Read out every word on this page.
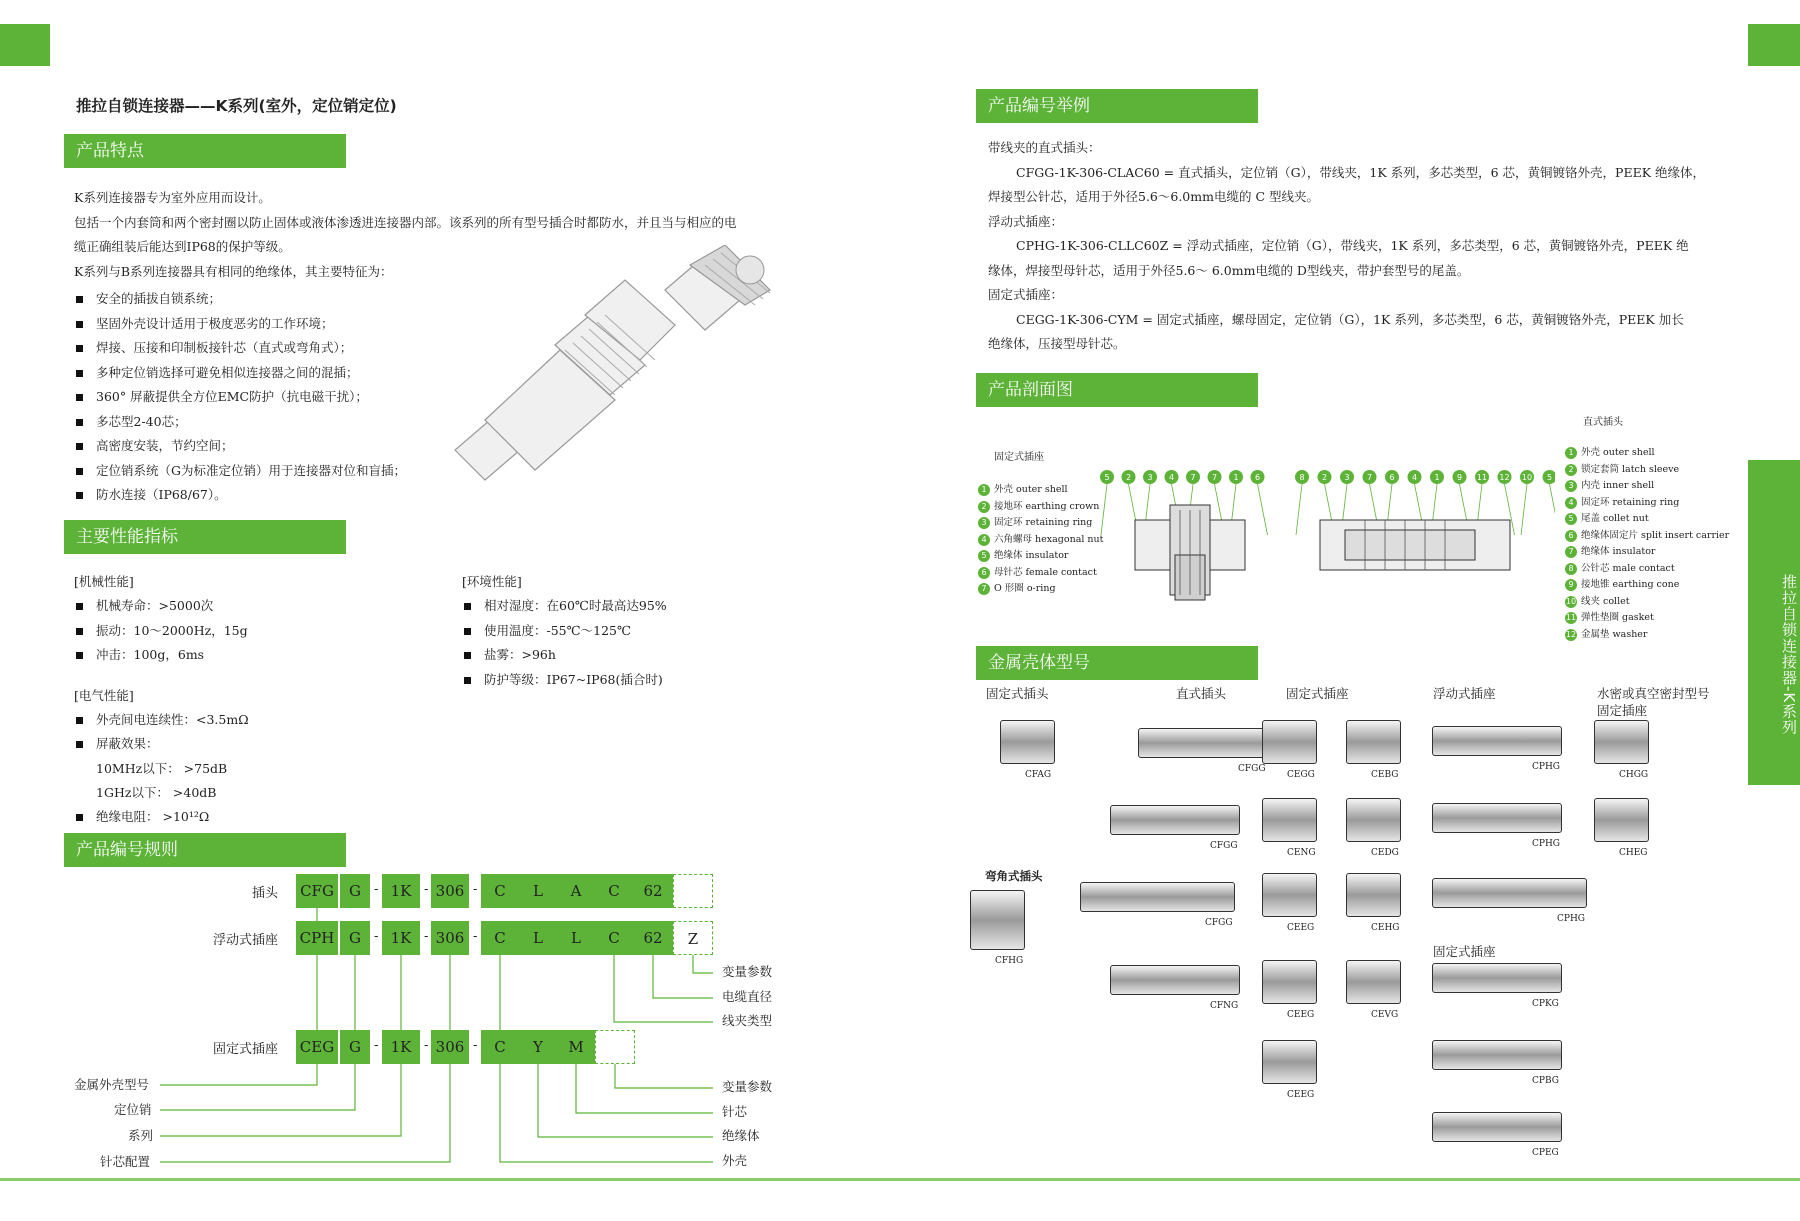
推拉自锁连接器——K系列(室外，定位销定位)
产品特点
K系列连接器专为室外应用而设计。
包括一个内套筒和两个密封圈以防止固体或液体渗透进连接器内部。该系列的所有型号插合时都防水，并且当与相应的电
缆正确组装后能达到IP68的保护等级。
K系列与B系列连接器具有相同的绝缘体，其主要特征为：
安全的插拔自锁系统；
坚固外壳设计适用于极度恶劣的工作环境；
焊接、压接和印制板接针芯（直式或弯角式）；
多种定位销选择可避免相似连接器之间的混插；
360° 屏蔽提供全方位EMC防护（抗电磁干扰）；
多芯型2-40芯；
高密度安装，节约空间；
定位销系统（G为标准定位销）用于连接器对位和盲插；
防水连接（IP68/67）。
主要性能指标
[机械性能]
机械寿命：>5000次
振动：10～2000Hz，15g
冲击：100g，6ms
[电气性能]
外壳间电连续性：<3.5mΩ
屏蔽效果：
10MHz以下： >75dB
1GHz以下： >40dB
绝缘电阻： >10¹²Ω
[环境性能]
相对湿度：在60℃时最高达95%
使用温度：-55℃～125℃
盐雾：>96h
防护等级：IP67~IP68(插合时)
产品编号规则
插头
浮动式插座
固定式插座
CFG	G	- 1K - 306 -	C	L	A	C	62
CPH G	- 1K - 306 -	C	L	L	C	62	Z
CEG G	- 1K - 306 -	C	Y	M
变量参数
电缆直径
线夹类型
变量参数
针芯
绝缘体
外壳
金属外壳型号
定位销
系列
针芯配置
产品编号举例
带线夹的直式插头：
CFGG-1K-306-CLAC60 = 直式插头，定位销（G），带线夹，1K 系列，多芯类型，6 芯，黄铜镀铬外壳，PEEK 绝缘体，
焊接型公针芯，适用于外径5.6～6.0mm电缆的 C 型线夹。
浮动式插座：
CPHG-1K-306-CLLC60Z = 浮动式插座，定位销（G），带线夹，1K 系列，多芯类型，6 芯，黄铜镀铬外壳，PEEK 绝
缘体，焊接型母针芯，适用于外径5.6～ 6.0mm电缆的 D型线夹，带护套型号的尾盖。
固定式插座：
CEGG-1K-306-CYM = 固定式插座，螺母固定，定位销（G），1K 系列，多芯类型，6 芯，黄铜镀铬外壳，PEEK 加长
绝缘体，压接型母针芯。
产品剖面图
固定式插座
直式插头
1 外壳 outer shell
2 接地环 earthing crown
3 固定环 retaining ring
4 六角螺母 hexagonal nut
5 绝缘体 insulator
6 母针芯 female contact
7 O 形圈 o-ring
1 外壳 outer shell
2 锁定套筒 latch sleeve
3 内壳 inner shell
4 固定环 retaining ring
5 尾盖 collet nut
6 绝缘体固定片 split insert carrier
7 绝缘体 insulator
8 公针芯 male contact
9 接地锥 earthing cone
10 线夹 collet
11 弹性垫圈 gasket
12 金属垫 washer
5 2 3 4 7 7 1 6	8 2 3 7 6 4 1 9 11 12 10 5
金属壳体型号
固定式插头	直式插头	固定式插座	浮动式插座	水密或真空密封型号
固定插座
弯角式插头
固定式插座
CFAG
CFGG
CEGG	CEBG
CPHG
CHGG
CFGG
CENG	CEDG
CPHG
CHEG
CFHG
CFGG	CEEG	CEHG
CPHG
CFNG
CEEG	CEVG
CPKG
CEEG
CPBG
CPEG
推拉自锁连接器-K系列
